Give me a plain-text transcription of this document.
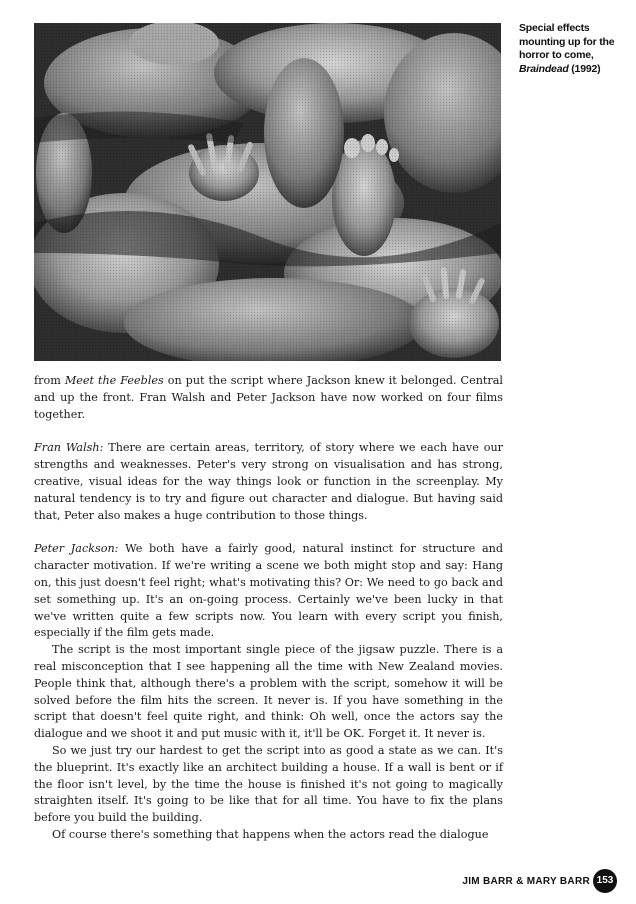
Special effects mounting up for the horror to come, Braindead (1992)

from Meet the Feebles on put the script where Jackson knew it belonged. Central and up the front. Fran Walsh and Peter Jackson have now worked on four films together.

Fran Walsh: There are certain areas, territory, of story where we each have our strengths and weaknesses. Peter's very strong on visualisation and has strong, creative, visual ideas for the way things look or function in the screenplay. My natural tendency is to try and figure out character and dialogue. But having said that, Peter also makes a huge contribution to those things.

Peter Jackson: We both have a fairly good, natural instinct for structure and character motivation. If we're writing a scene we both might stop and say: Hang on, this just doesn't feel right; what's motivating this? Or: We need to go back and set something up. It's an on-going process. Certainly we've been lucky in that we've written quite a few scripts now. You learn with every script you finish, especially if the film gets made.

The script is the most important single piece of the jigsaw puzzle. There is a real misconception that I see happening all the time with New Zealand movies. People think that, although there's a problem with the script, somehow it will be solved before the film hits the screen. It never is. If you have something in the script that doesn't feel quite right, and think: Oh well, once the actors say the dialogue and we shoot it and put music with it, it'll be OK. Forget it. It never is.

So we just try our hardest to get the script into as good a state as we can. It's the blueprint. It's exactly like an architect building a house. If a wall is bent or if the floor isn't level, by the time the house is finished it's not going to magically straighten itself. It's going to be like that for all time. You have to fix the plans before you build the building.

Of course there's something that happens when the actors read the dialogue

JIM BARR & MARY BARR 153
